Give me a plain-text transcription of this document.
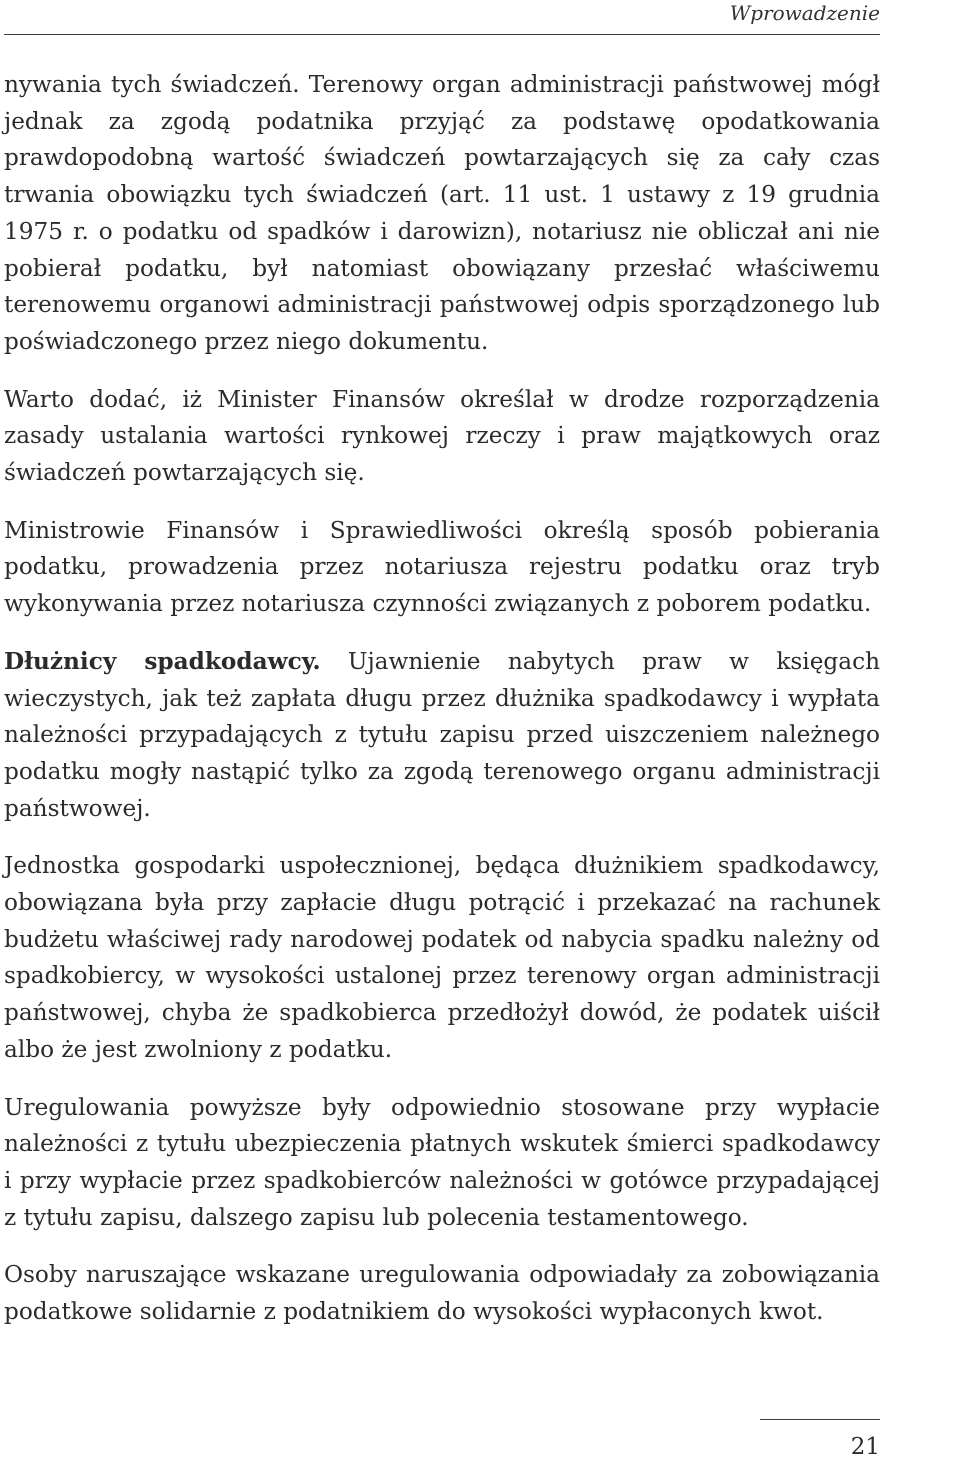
Wprowadzenie

nywania tych świadczeń. Terenowy organ administracji państwowej mógł jednak za zgodą podatnika przyjąć za podstawę opodatkowania prawdopodobną wartość świadczeń powtarzających się za cały czas trwania obowiązku tych świadczeń (art. 11 ust. 1 ustawy z 19 grudnia 1975 r. o podatku od spadków i darowizn), notariusz nie obliczał ani nie pobierał podatku, był natomiast obowiązany przesłać właściwemu terenowemu organowi administracji państwowej odpis sporządzonego lub poświadczonego przez niego dokumentu.

Warto dodać, iż Minister Finansów określał w drodze rozporządzenia zasady ustalania wartości rynkowej rzeczy i praw majątkowych oraz świadczeń powtarzających się.

Ministrowie Finansów i Sprawiedliwości określą sposób pobierania podatku, prowadzenia przez notariusza rejestru podatku oraz tryb wykonywania przez notariusza czynności związanych z poborem podatku.

Dłużnicy spadkodawcy. Ujawnienie nabytych praw w księgach wieczystych, jak też zapłata długu przez dłużnika spadkodawcy i wypłata należności przypadających z tytułu zapisu przed uiszczeniem należnego podatku mogły nastąpić tylko za zgodą terenowego organu administracji państwowej.

Jednostka gospodarki uspołecznionej, będąca dłużnikiem spadkodawcy, obowiązana była przy zapłacie długu potrącić i przekazać na rachunek budżetu właściwej rady narodowej podatek od nabycia spadku należny od spadkobiercy, w wysokości ustalonej przez terenowy organ administracji państwowej, chyba że spadkobierca przedłożył dowód, że podatek uiścił albo że jest zwolniony z podatku.

Uregulowania powyższe były odpowiednio stosowane przy wypłacie należności z tytułu ubezpieczenia płatnych wskutek śmierci spadkodawcy i przy wypłacie przez spadkobierców należności w gotówce przypadającej z tytułu zapisu, dalszego zapisu lub polecenia testamentowego.

Osoby naruszające wskazane uregulowania odpowiadały za zobowiązania podatkowe solidarnie z podatnikiem do wysokości wypłaconych kwot.

21
